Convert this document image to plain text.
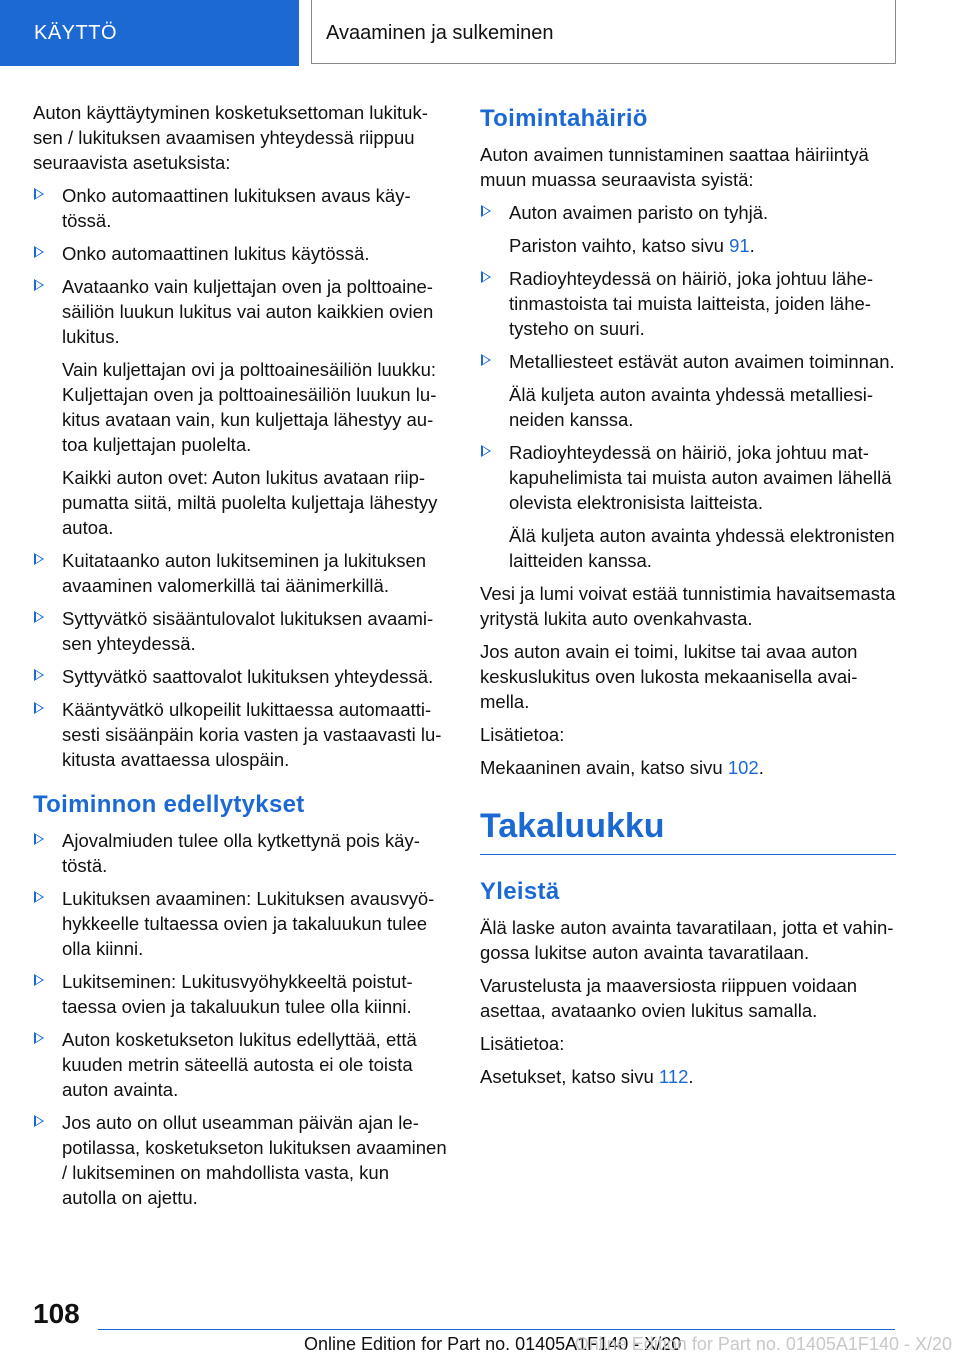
KÄYTTÖ	Avaaminen ja sulkeminen

Auton käyttäytyminen kosketuksettoman lukituksen / lukituksen avaamisen yhteydessä riippuu seuraavista asetuksista:

Onko automaattinen lukituksen avaus käytössä.
Onko automaattinen lukitus käytössä.
Avataanko vain kuljettajan oven ja polttoainesäiliön luukun lukitus vai auton kaikkien ovien lukitus.
Vain kuljettajan ovi ja polttoainesäiliön luukku: Kuljettajan oven ja polttoainesäiliön luukun lukitus avataan vain, kun kuljettaja lähestyy autoa kuljettajan puolelta.
Kaikki auton ovet: Auton lukitus avataan riippumatta siitä, miltä puolelta kuljettaja lähestyy autoa.
Kuitataanko auton lukitseminen ja lukituksen avaaminen valomerkillä tai äänimerkillä.
Syttyvätkö sisääntulovalot lukituksen avaamisen yhteydessä.
Syttyvätkö saattovalot lukituksen yhteydessä.
Kääntyvätkö ulkopeilit lukittaessa automaattisesti sisäänpäin koria vasten ja vastaavasti lukitusta avattaessa ulospäin.
Toiminnon edellytykset
Ajovalmiuden tulee olla kytkettynä pois käytöstä.
Lukituksen avaaminen: Lukituksen avausvyöhykkeelle tultaessa ovien ja takaluukun tulee olla kiinni.
Lukitseminen: Lukitusvyöhykkeeltä poistuttaessa ovien ja takaluukun tulee olla kiinni.
Auton kosketukseton lukitus edellyttää, että kuuden metrin säteellä autosta ei ole toista auton avainta.
Jos auto on ollut useamman päivän ajan lepotilassa, kosketukseton lukituksen avaaminen / lukitseminen on mahdollista vasta, kun autolla on ajettu.
Toimintahäiriö

Auton avaimen tunnistaminen saattaa häiriintyä muun muassa seuraavista syistä:

Auton avaimen paristo on tyhjä.
Pariston vaihto, katso sivu 91.
Radioyhteydessä on häiriö, joka johtuu lähetinmastoista tai muista laitteista, joiden lähetysteho on suuri.
Metalliesteet estävät auton avaimen toiminnan.
Älä kuljeta auton avainta yhdessä metalliesineiden kanssa.
Radioyhteydessä on häiriö, joka johtuu matkapuhelimista tai muista auton avaimen lähellä olevista elektronisista laitteista.
Älä kuljeta auton avainta yhdessä elektronisten laitteiden kanssa.

Vesi ja lumi voivat estää tunnistimia havaitsemasta yritystä lukita auto ovenkahvasta.

Jos auton avain ei toimi, lukitse tai avaa auton keskuslukitus oven lukosta mekaanisella avaimella.

Lisätietoa:

Mekaaninen avain, katso sivu 102.

Takaluukku
Yleistä

Älä laske auton avainta tavaratilaan, jotta et vahingossa lukitse auton avainta tavaratilaan.

Varustelusta ja maaversiosta riippuen voidaan asettaa, avataanko ovien lukitus samalla.

Lisätietoa:

Asetukset, katso sivu 112.

108
Online Edition for Part no. 01405A1F140 - X/20
Online Edition for Part no. 01405A1F140 - X/20
